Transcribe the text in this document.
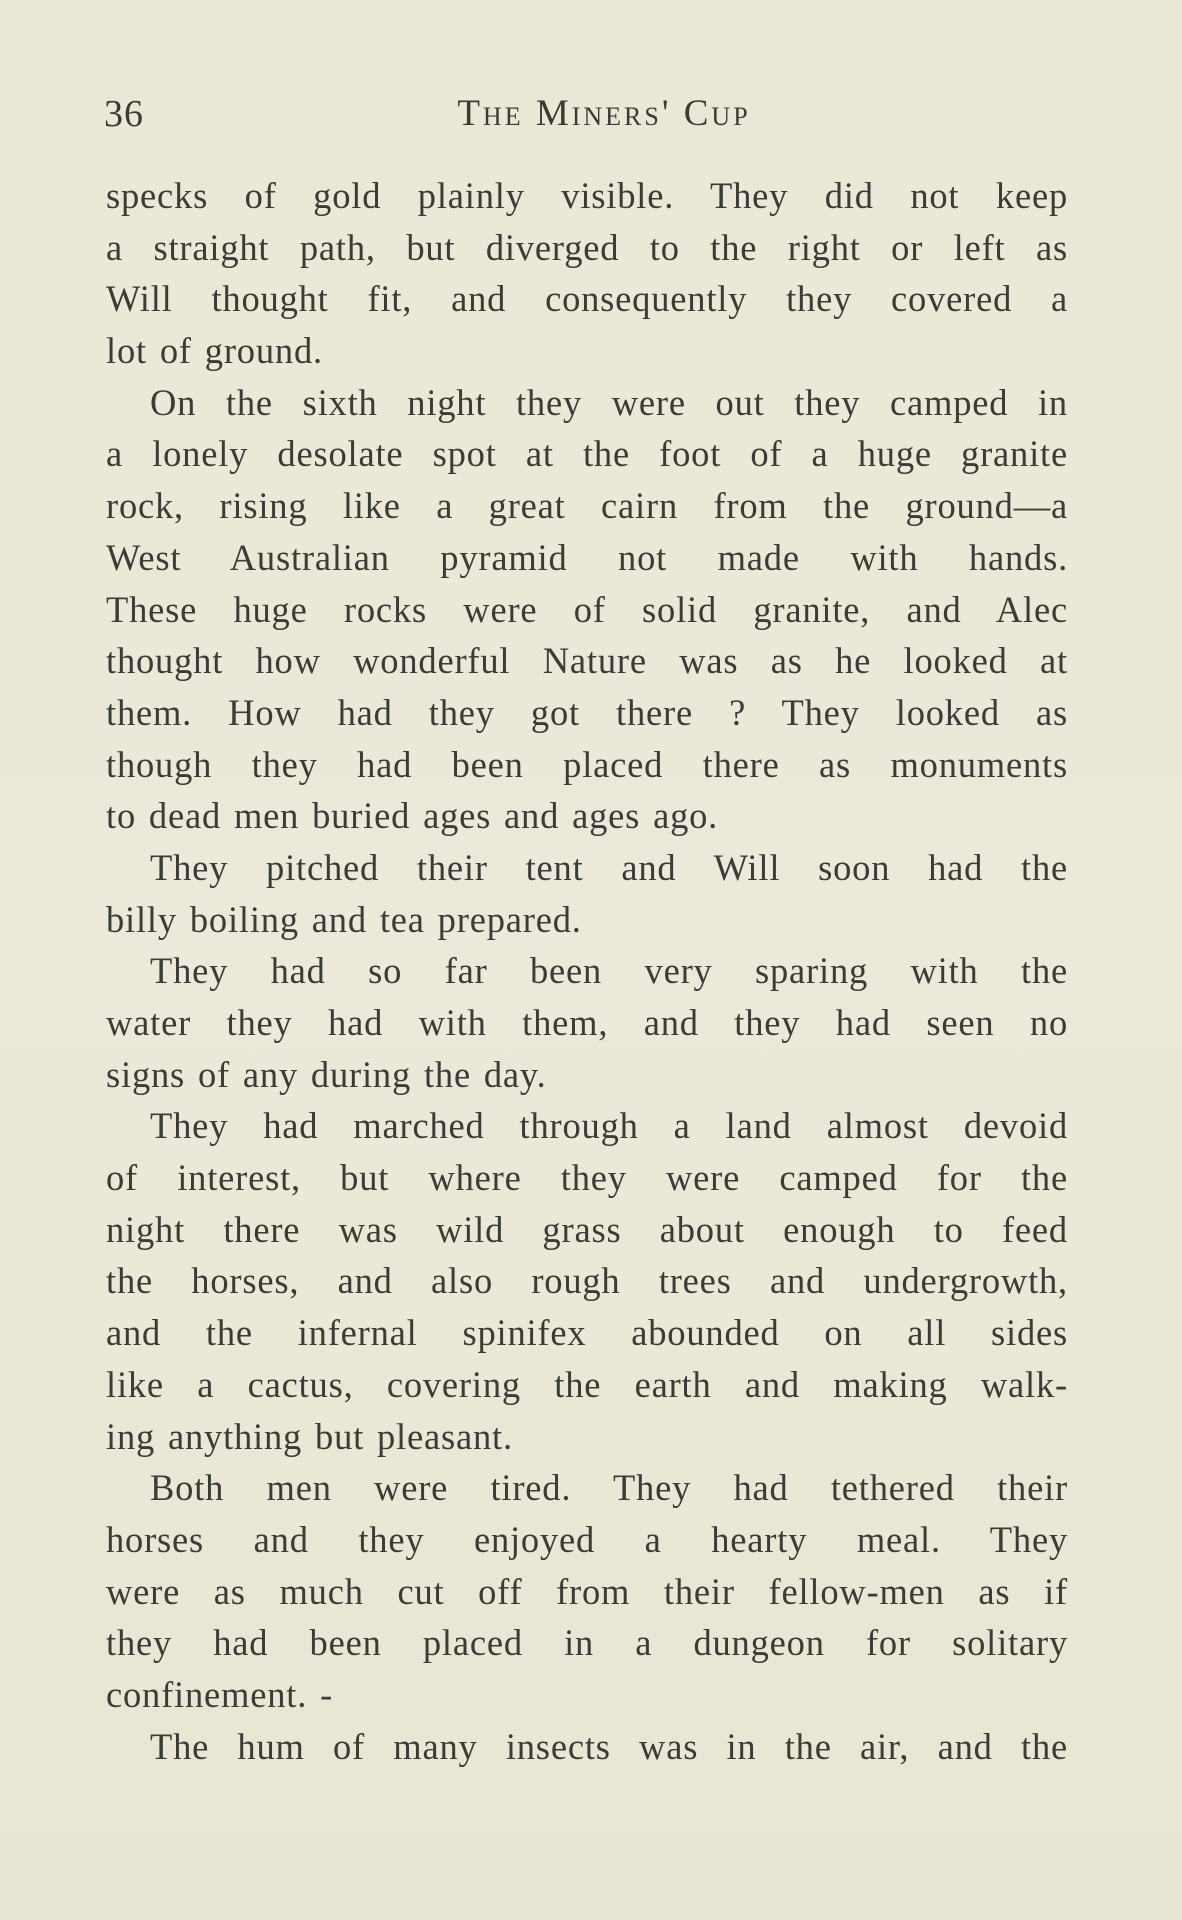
36	The Miners' Cup
specks of gold plainly visible. They did not keep
a straight path, but diverged to the right or left as
Will thought fit, and consequently they covered a
lot of ground.
On the sixth night they were out they camped in
a lonely desolate spot at the foot of a huge granite
rock, rising like a great cairn from the ground—a
West Australian pyramid not made with hands.
These huge rocks were of solid granite, and Alec
thought how wonderful Nature was as he looked at
them. How had they got there ? They looked as
though they had been placed there as monuments
to dead men buried ages and ages ago.
They pitched their tent and Will soon had the
billy boiling and tea prepared.
They had so far been very sparing with the
water they had with them, and they had seen no
signs of any during the day.
They had marched through a land almost devoid
of interest, but where they were camped for the
night there was wild grass about enough to feed
the horses, and also rough trees and undergrowth,
and the infernal spinifex abounded on all sides
like a cactus, covering the earth and making walk-
ing anything but pleasant.
Both men were tired. They had tethered their
horses and they enjoyed a hearty meal. They
were as much cut off from their fellow-men as if
they had been placed in a dungeon for solitary
confinement. -
The hum of many insects was in the air, and the
